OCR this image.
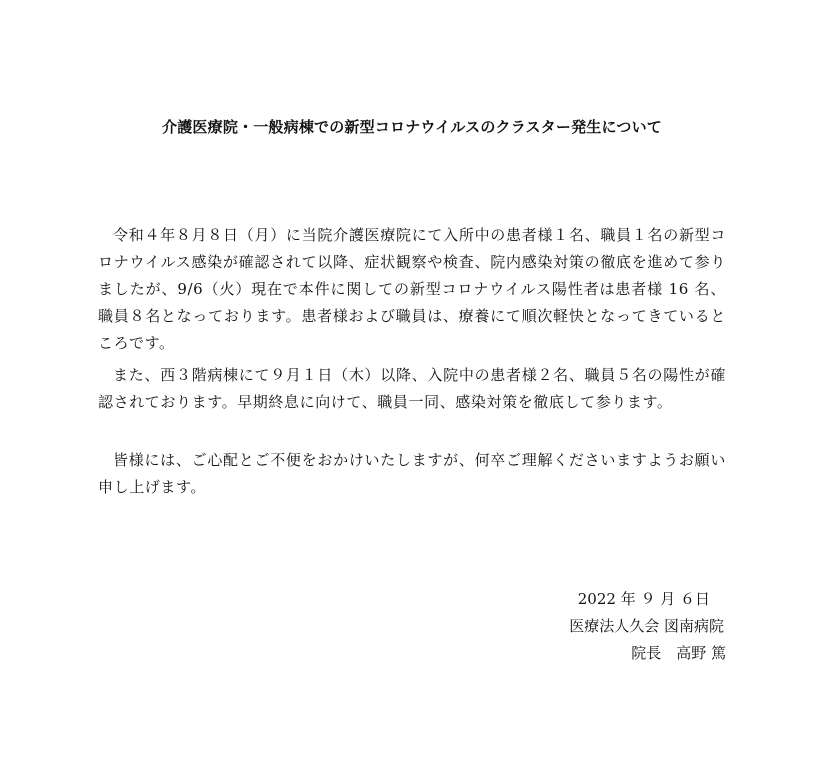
介護医療院・一般病棟での新型コロナウイルスのクラスター発生について

令和４年８月８日（月）に当院介護医療院にて入所中の患者様１名、職員１名の新型コロナウイルス感染が確認されて以降、症状観察や検査、院内感染対策の徹底を進めて参りましたが、9/6（火）現在で本件に関しての新型コロナウイルス陽性者は患者様 16 名、職員８名となっております。患者様および職員は、療養にて順次軽快となってきているところです。

また、西３階病棟にて９月１日（木）以降、入院中の患者様２名、職員５名の陽性が確認されております。早期終息に向けて、職員一同、感染対策を徹底して参ります。

皆様には、ご心配とご不便をおかけいたしますが、何卒ご理解くださいますようお願い申し上げます。

2022 年 ９ 月 ６日
医療法人久会 図南病院
院長　高野 篤
